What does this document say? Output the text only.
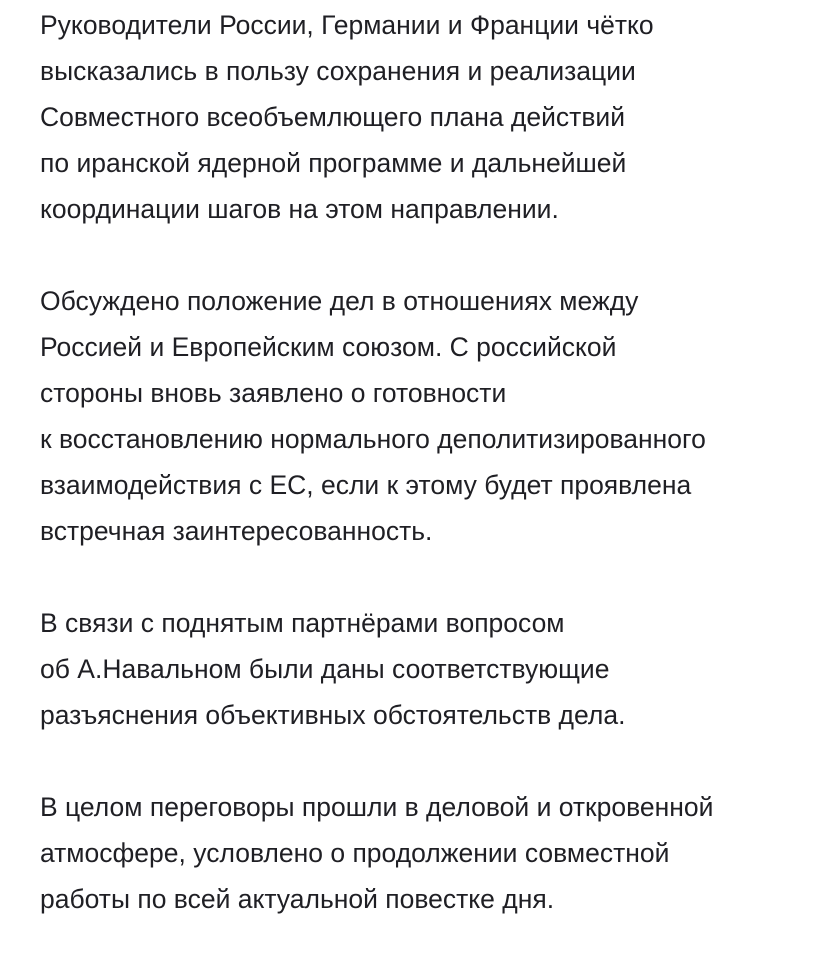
Руководители России, Германии и Франции чётко
высказались в пользу сохранения и реализации
Совместного всеобъемлющего плана действий
по иранской ядерной программе и дальнейшей
координации шагов на этом направлении.

Обсуждено положение дел в отношениях между
Россией и Европейским союзом. С российской
стороны вновь заявлено о готовности
к восстановлению нормального деполитизированного
взаимодействия с ЕС, если к этому будет проявлена
встречная заинтересованность.

В связи с поднятым партнёрами вопросом
об А.Навальном были даны соответствующие
разъяснения объективных обстоятельств дела.

В целом переговоры прошли в деловой и откровенной
атмосфере, условлено о продолжении совместной
работы по всей актуальной повестке дня.
